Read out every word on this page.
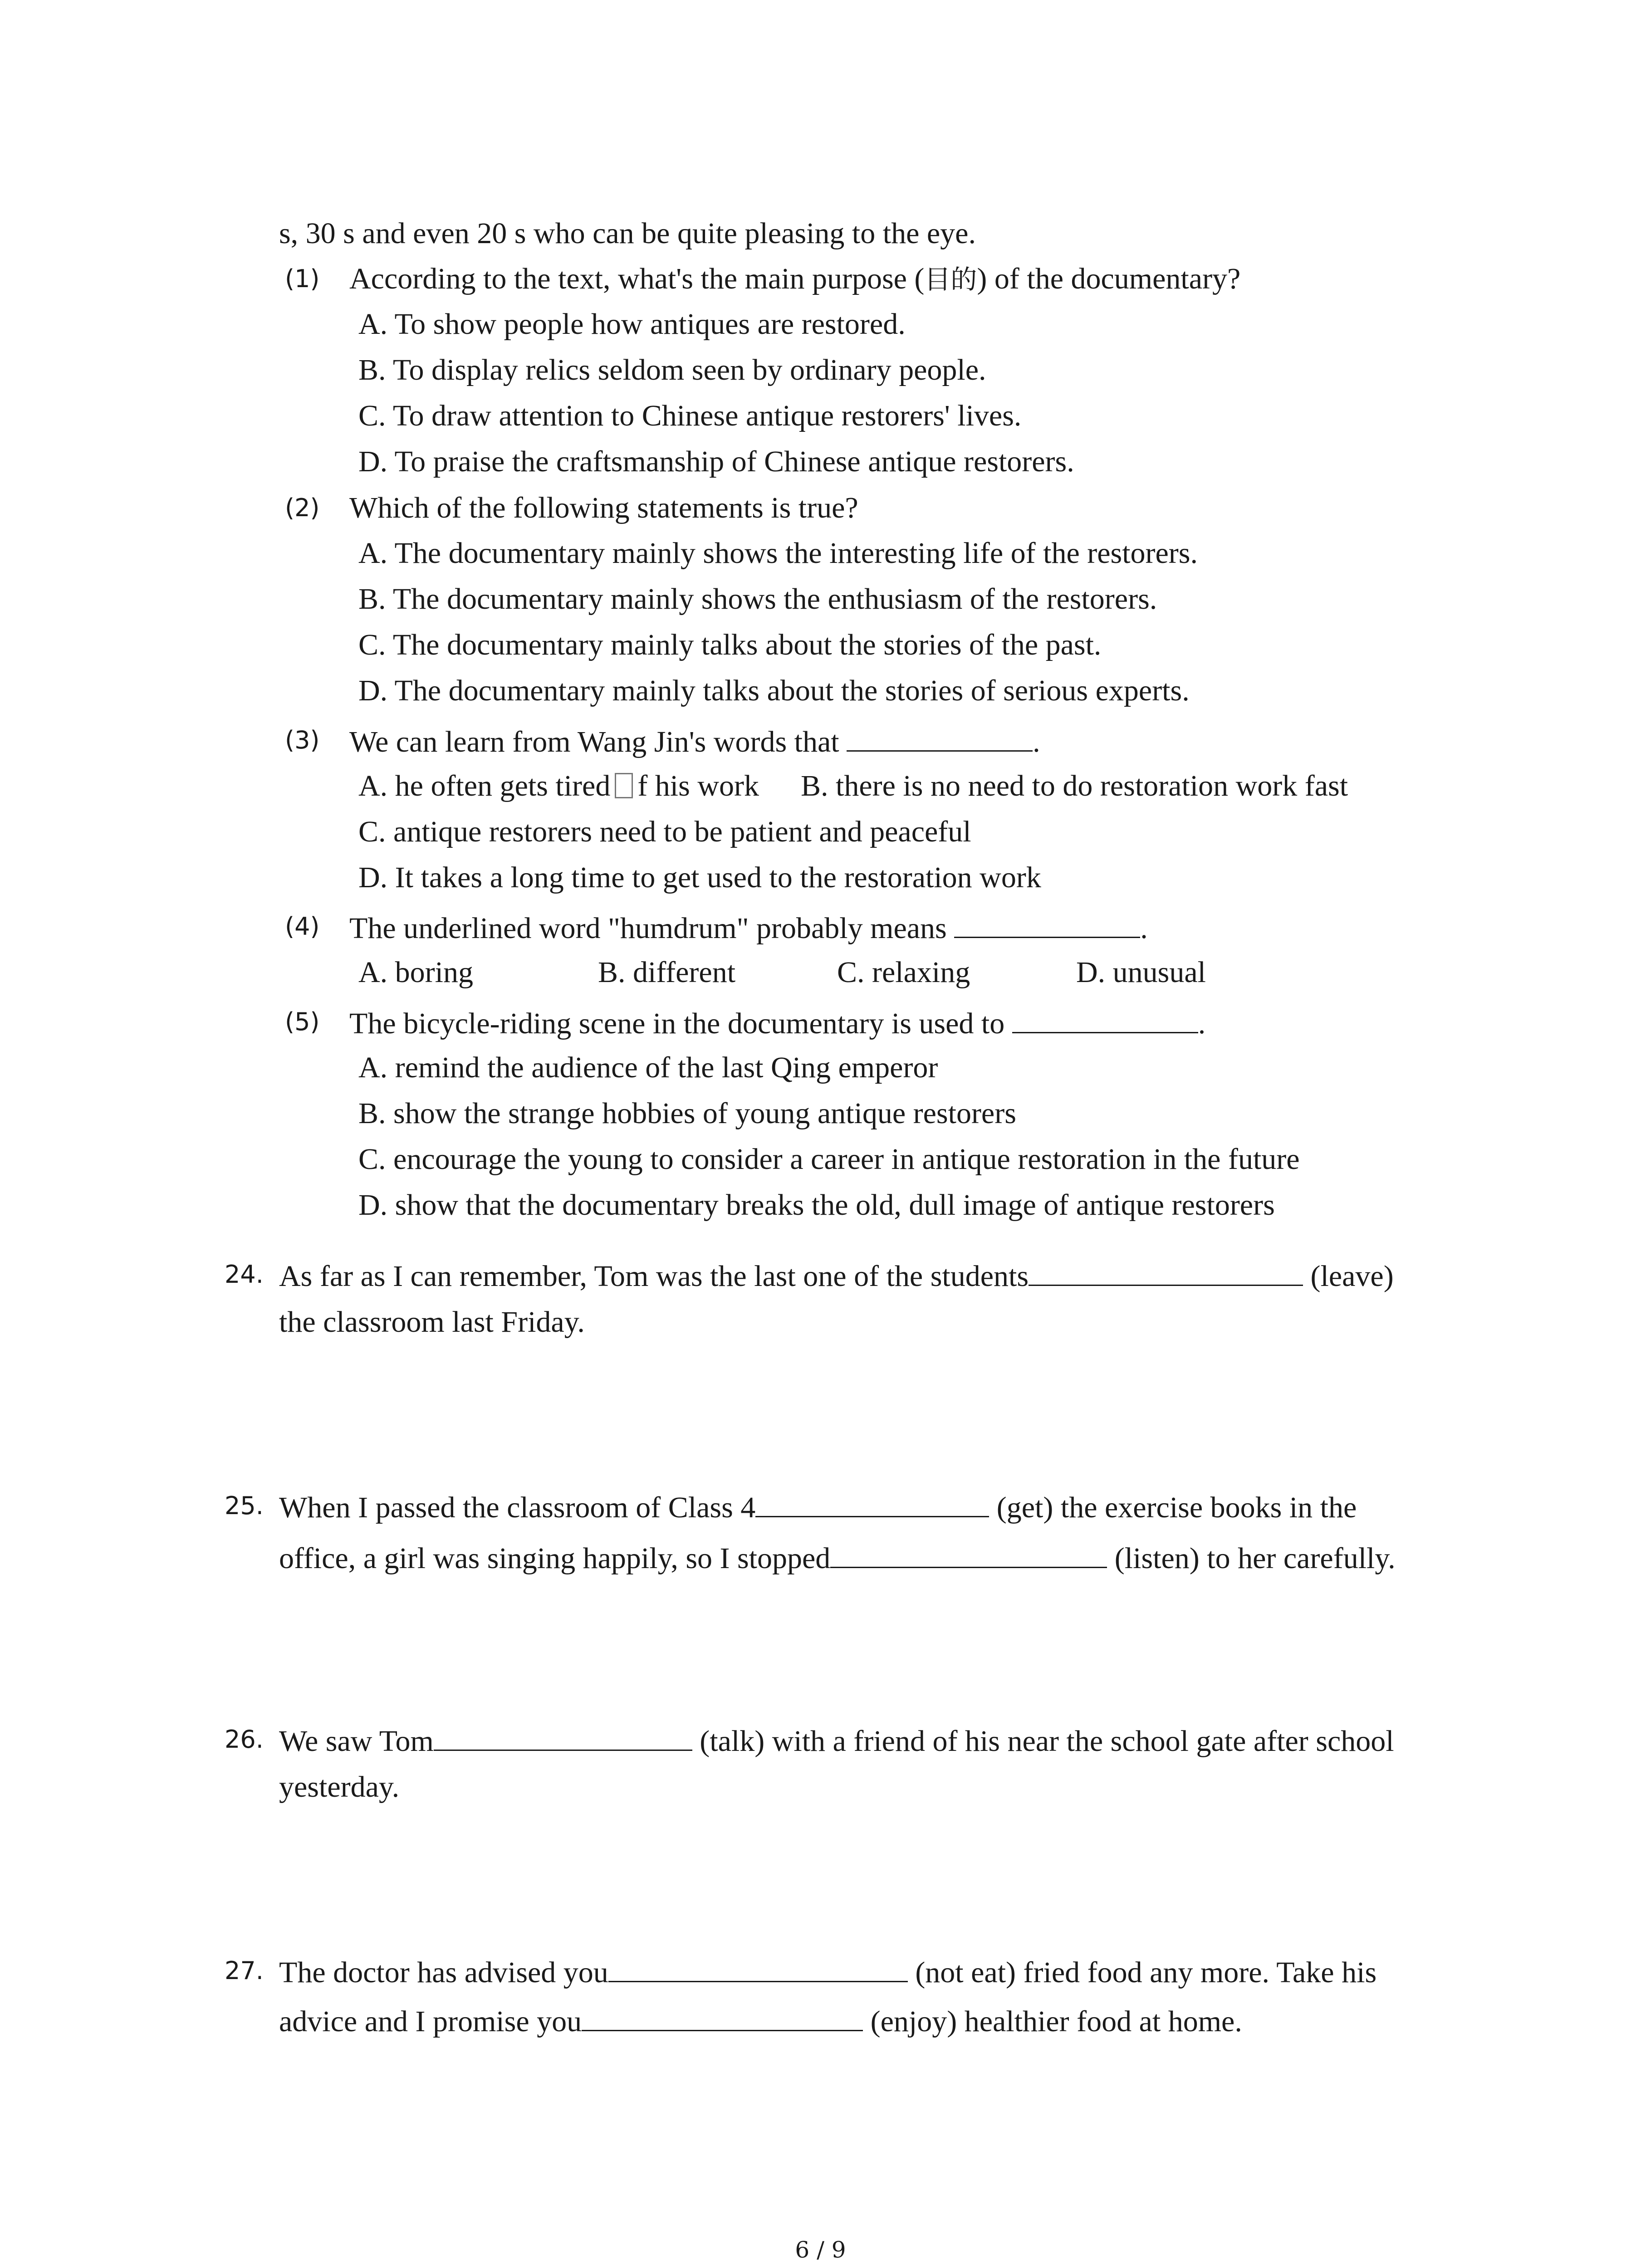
s, 30 s and even 20 s who can be quite pleasing to the eye.
(1) According to the text, what's the main purpose (目的) of the documentary?
A. To show people how antiques are restored.
B. To display relics seldom seen by ordinary people.
C. To draw attention to Chinese antique restorers' lives.
D. To praise the craftsmanship of Chinese antique restorers.
(2) Which of the following statements is true?
A. The documentary mainly shows the interesting life of the restorers.
B. The documentary mainly shows the enthusiasm of the restorers.
C. The documentary mainly talks about the stories of the past.
D. The documentary mainly talks about the stories of serious experts.
(3) We can learn from Wang Jin's words that	.
A. he often gets tired f his work B. there is no need to do restoration work fast
C. antique restorers need to be patient and peaceful
D. It takes a long time to get used to the restoration work
(4) The underlined word "humdrum" probably means	.
A. boring	B. different	C. relaxing	D. unusual
(5) The bicycle-riding scene in the documentary is used to	.
A. remind the audience of the last Qing emperor
B. show the strange hobbies of young antique restorers
C. encourage the young to consider a career in antique restoration in the future
D. show that the documentary breaks the old, dull image of antique restorers
24. As far as I can remember, Tom was the last one of the students	(leave)
the classroom last Friday.
25. When I passed the classroom of Class 4	(get) the exercise books in the
office, a girl was singing happily, so I stopped	(listen) to her carefully.
26. We saw Tom	(talk) with a friend of his near the school gate after school
yesterday.
27. The doctor has advised you	(not eat) fried food any more. Take his
advice and I promise you	(enjoy) healthier food at home.
6 / 9
